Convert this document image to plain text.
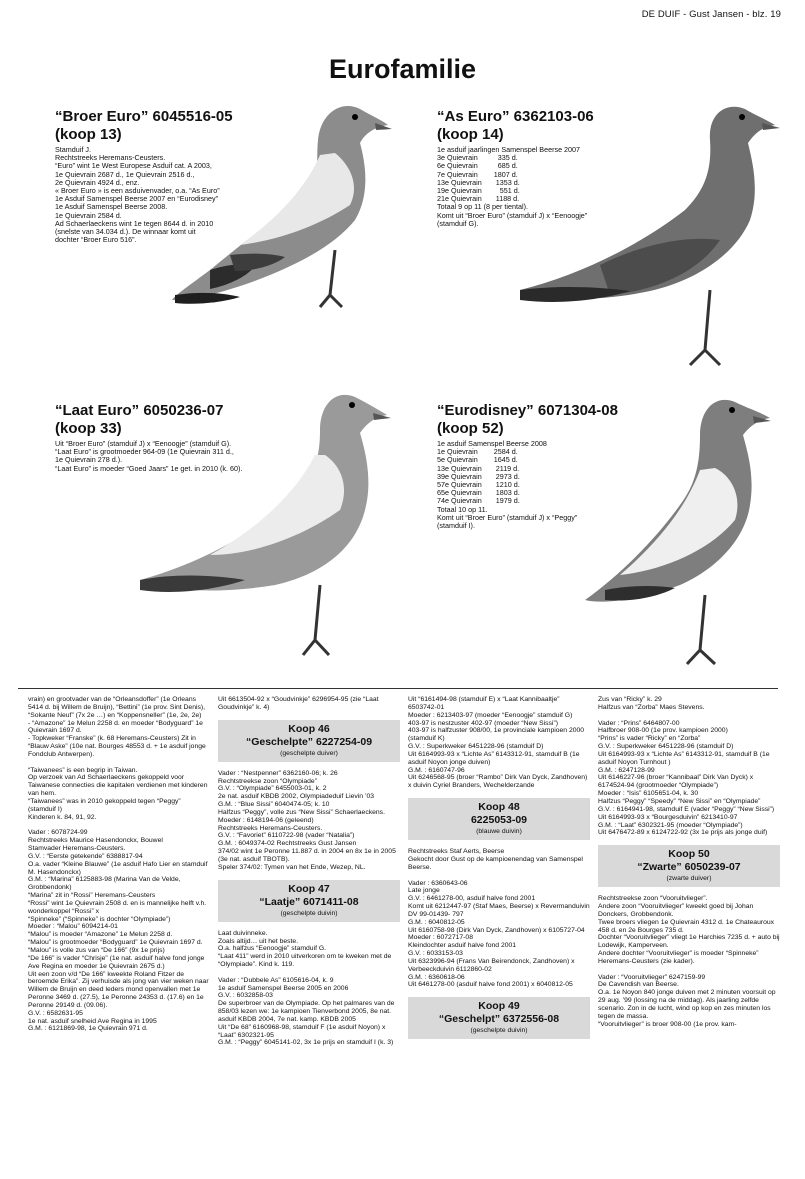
DE DUIF - Gust Jansen - blz. 19
Eurofamilie
“Broer Euro” 6045516-05
(koop 13)
Stamduif J.
Rechtstreeks Heremans-Ceusters.
“Euro” wint 1e West Europese Asduif cat. A 2003,
1e Quievrain 2687 d., 1e Quievrain 2516 d.,
2e Quievrain 4924 d., enz.
« Broer Euro » is een asduivenvader, o.a. “As Euro”
1e Asduif Samenspel Beerse 2007 en “Eurodisney”
1e Asduif Samenspel Beerse 2008.
1e Quievrain 2584 d.
Ad Schaerlaeckens wint 1e tegen 8644 d. in 2010
(snelste van 34.034 d.). De winnaar komt uit
dochter “Broer Euro 516”.
“As Euro” 6362103-06
(koop 14)
1e asduif jaarlingen Samenspel Beerse 2007
3e Quievrain          335 d.
6e Quievrain          685 d.
7e Quievrain        1807 d.
13e Quievrain       1353 d.
19e Quievrain         551 d.
21e Quievrain       1188 d.
Totaal 9 op 11 (8 per tiental).
Komt uit “Broer Euro” (stamduif J) x “Eenoogje”
(stamduif G).
“Laat Euro” 6050236-07
(koop 33)
Uit “Broer Euro” (stamduif J) x “Eenoogje” (stamduif G).
“Laat Euro” is grootmoeder 964-09 (1e Quievrain 311 d.,
1e Quievrain 278 d.).
“Laat Euro” is moeder “Goed Jaars” 1e get. in 2010 (k. 60).
“Eurodisney” 6071304-08
(koop 52)
1e asduif Samenspel Beerse 2008
1e Quievrain        2584 d.
5e Quievrain        1645 d.
13e Quievrain       2119 d.
39e Quievrain       2973 d.
57e Quievrain       1210 d.
65e Quievrain       1803 d.
74e Quievrain       1979 d.
Totaal 10 op 11.
Komt uit “Broer Euro” (stamduif J) x “Peggy”
(stamduif I).

vrain) en grootvader van de “Orleansdoffer” (1e Orleans 5414 d. bij Willem de Bruijn), “Bettini” (1e prov. Sint Denis), “Sokante Neuf” (7x 2e …) en “Koppensneller” (1e, 2e, 2e)
- “Amazone” 1e Melun 2258 d. en moeder “Bodyguard” 1e Quievrain 1697 d.
- Topkweker “Franske” (k. 68 Heremans-Ceusters) Zit in “Blauw Aske” (10e nat. Bourges 48553 d. + 1e asduif jonge Fondclub Antwerpen).

“Taiwanees” is een begrip in Taiwan.
Op verzoek van Ad Schaerlaeckens gekoppeld voor Taiwanese connecties die kapitalen verdienen met kinderen van hem.
“Taiwanees” was in 2010 gekoppeld tegen “Peggy” (stamduif I)
Kinderen k. 84, 91, 92.

Vader : 6078724-99
Rechtstreeks Maurice Hasendonckx, Bouwel
Stamvader Heremans-Ceusters.
G.V. : “Eerste getekende” 6388817-94
O.a. vader “Kleine Blauwe” (1e asduif Hafo Lier en stamduif M. Hasendonckx)
G.M. : “Marina” 6125883-98 (Marina Van de Velde, Grobbendonk)
“Marina” zit in “Rossi” Heremans-Ceusters
“Rossi” wint 1e Quievrain 2508 d. en is mannelijke helft v.h. wonderkoppel “Rossi” x
“Spinneke” (“Spinneke” is dochter “Olympiade”)
Moeder : “Malou” 6094214-01
“Malou” is moeder “Amazone” 1e Melun 2258 d.
“Malou” is grootmoeder “Bodyguard” 1e Quievrain 1697 d.
“Malou” is volle zus van “De 166” (9x 1e prijs)
“De 166” is vader “Chrisje” (1e nat. asduif halve fond jonge Ave Regina en moeder 1e Quievrain 2675 d.)
Uit een zoon v/d “De 166” kweekte Roland Fitzer de beroemde Erika”. Zij verhuisde als jong van vier weken naar Willem de Bruijn en deed leders mond openvallen met 1e Peronne 3469 d. (27.5), 1e Peronne 24353 d. (17.6) en 1e Peronne 29149 d. (09.06).
G.V. : 6582631-95
1e nat. asduif snelheid Ave Regina in 1995
G.M. : 6121869-98, 1e Quievrain 971 d.

Uit 6613504-92 x “Goudvinkje” 6296954-95 (zie “Laat Goudvinkje” k. 4)

Koop 46
“Geschelpte” 6227254-09
(geschelpte duiver)

Vader : “Nestpenner” 6362160-06; k. 26
Rechtstreekse zoon “Olympiade”
G.V. : “Olympiade” 6455003-01, k. 2
2e nat. asduif KBDB 2002, Olympiadeduif Lievin ’03
G.M. : “Blue Sissi” 6040474-05; k. 10
Halfzus “Peggy”, volle zus “New Sissi” Schaerlaeckens.
Moeder : 6148194-06 (geleend)
Rechtstreeks Heremans-Ceusters.
G.V. : “Favoriet” 6110722-98 (vader “Natalia”)
G.M. : 6049374-02 Rechtstreeks Gust Jansen
374/02 wint 1e Peronne 11.887 d. in 2004 en 8x 1e in 2005 (3e nat. asduif TBOTB).
Speler 374/02: Tymen van het Ende, Wezep, NL.

Koop 47
“Laatje” 6071411-08
(geschelpte duivin)

Laat duivinneke.
Zoals altijd… uit het beste.
O.a. halfzus “Eenoogje” stamduif G.
“Laat 411” werd in 2010 uitverkoren om te kweken met de “Olympiade”. Kind k. 119.

Vader : “Dubbele As” 6105616-04, k. 9
1e asduif Samenspel Beerse 2005 en 2006
G.V. : 6032858-03
De superbroer van de Olympiade. Op het palmares van de 858/03 lezen we: 1e kampioen Tienverbond 2005, 8e nat. asduif KBDB 2004, 7e nat. kamp. KBDB 2005
Uit “De 68” 6160968-98, stamduif F (1e asduif Noyon) x “Laat” 6302321-95
G.M. : “Peggy” 6045141-02, 3x 1e prijs en stamduif I (k. 3)

Uit “6161494-98 (stamduif E) x “Laat Kannibaaltje” 6503742-01
Moeder : 6213403-97 (moeder “Eenoogje” stamduif G)
403-97 is nestzuster 402-97 (moeder “New Sissi”)
403-97 is halfzuster 908/00, 1e provinciale kampioen 2000 (stamduif K)
G.V. : Superkweker 6451228-96 (stamduif D)
Uit 6164993-93 x “Lichte As” 6143312-91, stamduif B (1e asduif Noyon jonge duiven)
G.M. : 6160747-96
Uit 6246568-95 (broer “Rambo” Dirk Van Dyck, Zandhoven) x duivin Cyriel Branders, Wechelderzande

Koop 48
6225053-09
(blauwe duivin)

Rechtstreeks Staf Aerts, Beerse
Gekocht door Gust op de kampioenendag van Samenspel Beerse.

Vader : 6360643-06
Late jonge
G.V. : 6461278-00, asduif halve fond 2001
Komt uit 6212447-97 (Staf Maes, Beerse) x Revermanduivin DV 99-01439- 797
G.M. : 6040812-05
Uit 6160758-98 (Dirk Van Dyck, Zandhoven) x 6105727-04
Moeder : 6072717-08
Kleindochter asduif halve fond 2001
G.V. : 6033153-03
Uit 6323996-94 (Frans Van Beirendonck, Zandhoven) x Verbeeckduivin 6112860-02
G.M. : 6360618-06
Uit 6461278-00 (asduif halve fond 2001) x 6040812-05

Koop 49
“Geschelpt” 6372556-08
(geschelpte duivin)

Zus van “Ricky” k. 29
Halfzus van “Zorba” Maes Stevens.

Vader : “Prins” 6464807-00
Halfbroer 908-00 (1e prov. kampioen 2000)
“Prins” is vader “Ricky” en “Zorba”
G.V. : Superkweker 6451228-96 (stamduif D)
Uit 6164993-93 x “Lichte As” 6143312-91, stamduif B (1e asduif Noyon Turnhout )
G.M. : 6247128-99
Uit 6146227-96 (broer “Kannibaal” Dirk Van Dyck) x 6174524-94 (grootmoeder “Olympiade”)
Moeder : “Isis” 6105651-04, k. 30
Halfzus “Peggy” “Speedy” “New Sissi” en “Olympiade”
G.V. : 6164941-98, stamduif E (vader “Peggy” “New Sissi”)
Uit 6164993-93 x “Bourgesduivin” 6213410-97
G.M. : “Laat” 6302321-95 (moeder “Olympiade”)
Uit 6476472-89 x 6124722-92 (3x 1e prijs als jonge duif)

Koop 50
“Zwarte” 6050239-07
(zwarte duiver)

Rechtstreekse zoon “Vooruitvlieger”.
Andere zoon “Vooruitvlieger” kweekt goed bij Johan Donckers, Grobbendonk.
Twee broers vliegen 1e Quievrain 4312 d. 1e Chateauroux 458 d. en 2e Bourges 735 d.
Dochter “Vooruitvlieger” vliegt 1e Harchies 7235 d. + auto bij Lodewijk, Kamperveen.
Andere dochter “Vooruitvlieger” is moeder “Spinneke” Heremans-Ceusters (zie kader).

Vader : “Vooruitvlieger” 6247159-99
De Cavendish van Beerse.
O.a. 1e Noyon 840 jonge duiven met 2 minuten voorsuit op 29 aug. ’99 (lossing na de middag). Als jaarling zelfde scenario. Zon in de lucht, wind op kop en zes minuten los tegen de massa.
“Vooruitvlieger” is broer 908-00 (1e prov. kam-
